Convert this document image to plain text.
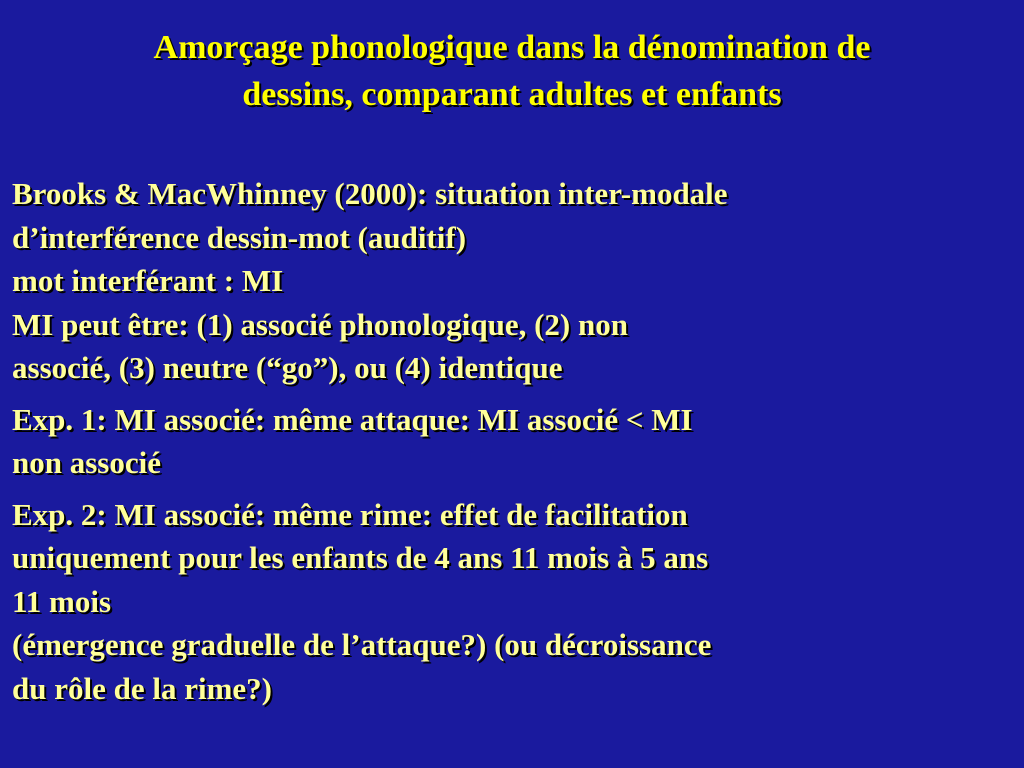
Amorçage phonologique dans la dénomination de
dessins, comparant adultes et enfants

Brooks & MacWhinney (2000): situation inter-modale
d’interférence dessin-mot (auditif)
mot interférant : MI
MI peut être: (1) associé phonologique, (2) non
associé, (3) neutre (“go”), ou (4) identique

Exp. 1: MI associé: même attaque: MI associé < MI
non associé

Exp. 2: MI associé: même rime: effet de facilitation
uniquement pour les enfants de 4 ans 11 mois à 5 ans
11 mois
(émergence graduelle de l’attaque?) (ou décroissance
du rôle de la rime?)
